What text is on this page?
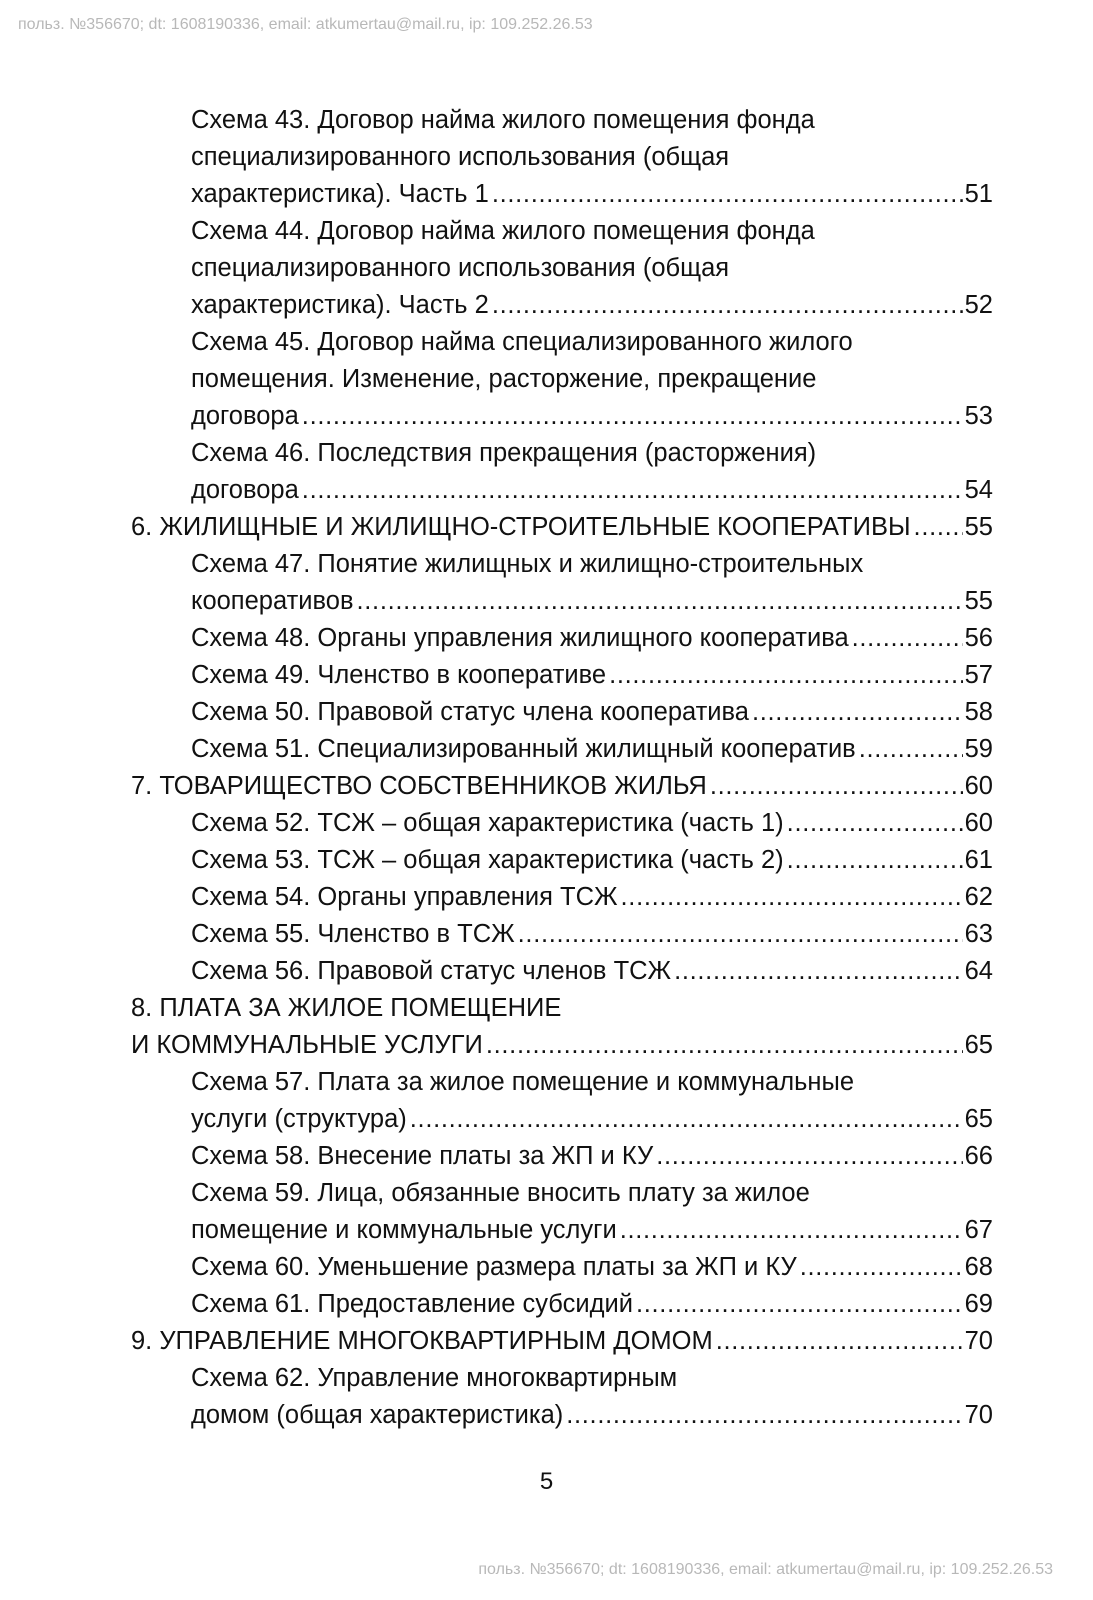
польз. №356670; dt: 1608190336, email: atkumertau@mail.ru, ip: 109.252.26.53
Схема 43. Договор найма жилого помещения фонда
специализированного использования (общая
характеристика). Часть 1 . . .	51
Схема 44. Договор найма жилого помещения фонда
специализированного использования (общая
характеристика). Часть 2 . . .	52
Схема 45. Договор найма специализированного жилого
помещения. Изменение, расторжение, прекращение
договора . . .	53
Схема 46. Последствия прекращения (расторжения)
договора . . .	54
6. ЖИЛИЩНЫЕ И ЖИЛИЩНО-СТРОИТЕЛЬНЫЕ КООПЕРАТИВЫ . . . 55
Схема 47. Понятие жилищных и жилищно-строительных
кооперативов . . .	55
Схема 48. Органы управления жилищного кооператива . . .	56
Схема 49. Членство в кооперативе . . .	57
Схема 50. Правовой статус члена кооператива . . .	58
Схема 51. Специализированный жилищный кооператив . . .	59
7. ТОВАРИЩЕСТВО СОБСТВЕННИКОВ ЖИЛЬЯ . . .	60
Схема 52. ТСЖ – общая характеристика (часть 1) . . .	60
Схема 53. ТСЖ – общая характеристика (часть 2) . . .	61
Схема 54. Органы управления ТСЖ . . .	62
Схема 55. Членство в ТСЖ . . .	63
Схема 56. Правовой статус членов ТСЖ . . .	64
8. ПЛАТА ЗА ЖИЛОЕ ПОМЕЩЕНИЕ
И КОММУНАЛЬНЫЕ УСЛУГИ . . .	65
Схема 57. Плата за жилое помещение и коммунальные
услуги (структура) . . .	65
Схема 58. Внесение платы за ЖП и КУ . . .	66
Схема 59. Лица, обязанные вносить плату за жилое
помещение и коммунальные услуги . . .	67
Схема 60. Уменьшение размера платы за ЖП и КУ . . .	68
Схема 61. Предоставление субсидий . . .	69
9. УПРАВЛЕНИЕ МНОГОКВАРТИРНЫМ ДОМОМ . . .	70
Схема 62. Управление многоквартирным
домом (общая характеристика) . . .	70
5
польз. №356670; dt: 1608190336, email: atkumertau@mail.ru, ip: 109.252.26.53
